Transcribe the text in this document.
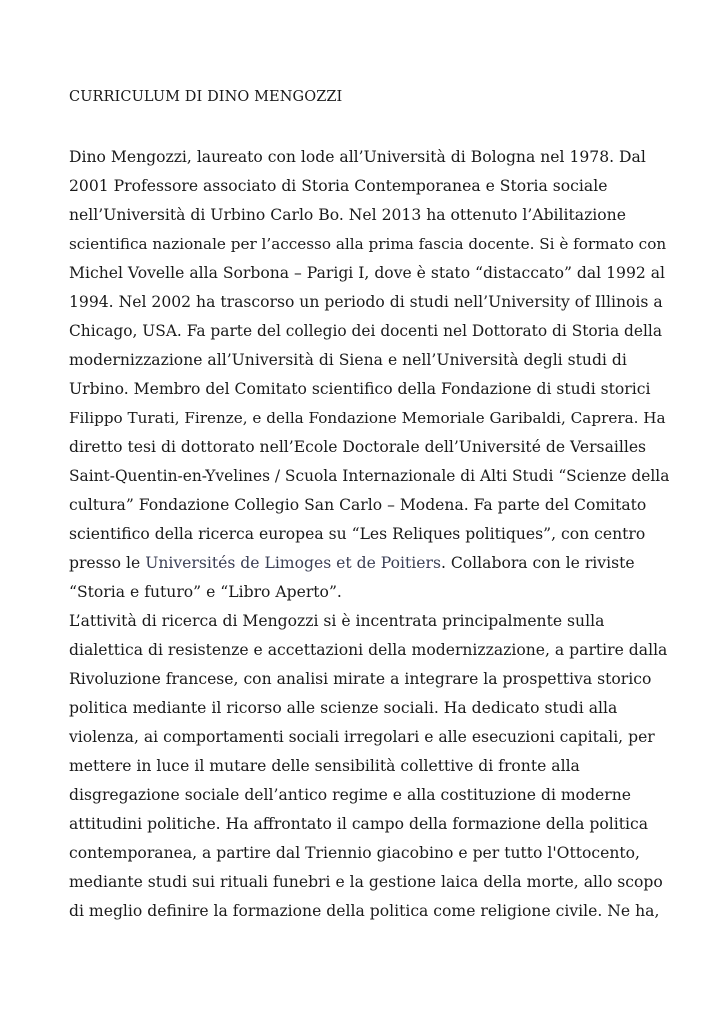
CURRICULUM DI DINO MENGOZZI
Dino Mengozzi, laureato con lode all’Università di Bologna nel 1978. Dal
2001 Professore associato di Storia Contemporanea e Storia sociale
nell’Università di Urbino Carlo Bo. Nel 2013 ha ottenuto l’Abilitazione
scientifica nazionale per l’accesso alla prima fascia docente. Si è formato con
Michel Vovelle alla Sorbona – Parigi I, dove è stato “distaccato” dal 1992 al
1994. Nel 2002 ha trascorso un periodo di studi nell’University of Illinois a
Chicago, USA. Fa parte del collegio dei docenti nel Dottorato di Storia della
modernizzazione all’Università di Siena e nell’Università degli studi di
Urbino. Membro del Comitato scientifico della Fondazione di studi storici
Filippo Turati, Firenze, e della Fondazione Memoriale Garibaldi, Caprera. Ha
diretto tesi di dottorato nell’Ecole Doctorale dell’Université de Versailles
Saint-Quentin-en-Yvelines / Scuola Internazionale di Alti Studi “Scienze della
cultura” Fondazione Collegio San Carlo – Modena. Fa parte del Comitato
scientifico della ricerca europea su “Les Reliques politiques”, con centro
presso le Universités de Limoges et de Poitiers. Collabora con le riviste
“Storia e futuro” e “Libro Aperto”.
L’attività di ricerca di Mengozzi si è incentrata principalmente sulla
dialettica di resistenze e accettazioni della modernizzazione, a partire dalla
Rivoluzione francese, con analisi mirate a integrare la prospettiva storico
politica mediante il ricorso alle scienze sociali. Ha dedicato studi alla
violenza, ai comportamenti sociali irregolari e alle esecuzioni capitali, per
mettere in luce il mutare delle sensibilità collettive di fronte alla
disgregazione sociale dell’antico regime e alla costituzione di moderne
attitudini politiche. Ha affrontato il campo della formazione della politica
contemporanea, a partire dal Triennio giacobino e per tutto l'Ottocento,
mediante studi sui rituali funebri e la gestione laica della morte, allo scopo
di meglio definire la formazione della politica come religione civile. Ne ha,
